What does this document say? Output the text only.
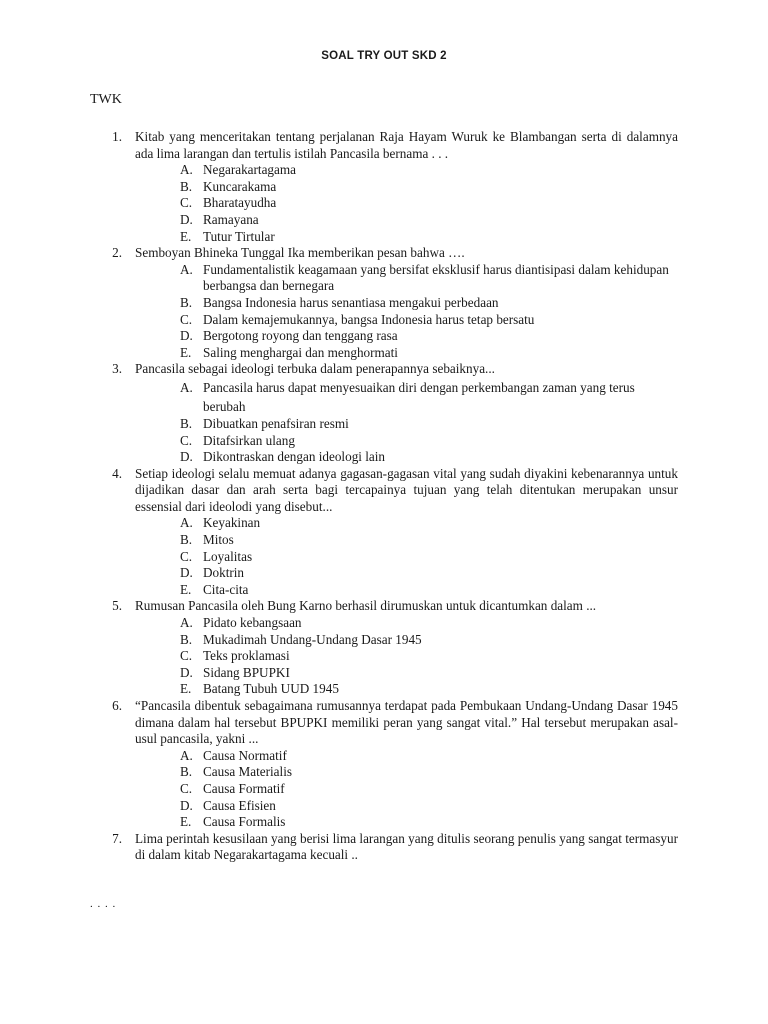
SOAL TRY OUT SKD 2
TWK
1. Kitab yang menceritakan tentang perjalanan Raja Hayam Wuruk ke Blambangan serta di dalamnya ada lima larangan dan tertulis istilah Pancasila bernama . . .
A. Negarakartagama
B. Kuncarakama
C. Bharatayudha
D. Ramayana
E. Tutur Tirtular
2. Semboyan Bhineka Tunggal Ika memberikan pesan bahwa ….
A. Fundamentalistik keagamaan yang bersifat eksklusif harus diantisipasi dalam kehidupan berbangsa dan bernegara
B. Bangsa Indonesia harus senantiasa mengakui perbedaan
C. Dalam kemajemukannya, bangsa Indonesia harus tetap bersatu
D. Bergotong royong dan tenggang rasa
E. Saling menghargai dan menghormati
3. Pancasila sebagai ideologi terbuka dalam penerapannya sebaiknya...
A. Pancasila harus dapat menyesuaikan diri dengan perkembangan zaman yang terus berubah
B. Dibuatkan penafsiran resmi
C. Ditafsirkan ulang
D. Dikontraskan dengan ideologi lain
4. Setiap ideologi selalu memuat adanya gagasan-gagasan vital yang sudah diyakini kebenarannya untuk dijadikan dasar dan arah serta bagi tercapainya tujuan yang telah ditentukan merupakan unsur essensial dari ideolodi yang disebut...
A. Keyakinan
B. Mitos
C. Loyalitas
D. Doktrin
E. Cita-cita
5. Rumusan Pancasila oleh Bung Karno berhasil dirumuskan untuk dicantumkan dalam ...
A. Pidato kebangsaan
B. Mukadimah Undang-Undang Dasar 1945
C. Teks proklamasi
D. Sidang BPUPKI
E. Batang Tubuh UUD 1945
6. “Pancasila dibentuk sebagaimana rumusannya terdapat pada Pembukaan Undang-Undang Dasar 1945 dimana dalam hal tersebut BPUPKI memiliki peran yang sangat vital.” Hal tersebut merupakan asal- usul pancasila, yakni ...
A. Causa Normatif
B. Causa Materialis
C. Causa Formatif
D. Causa Efisien
E. Causa Formalis
7. Lima perintah kesusilaan yang berisi lima larangan yang ditulis seorang penulis yang sangat termasyur di dalam kitab Negarakartagama kecuali ..
. . . .
